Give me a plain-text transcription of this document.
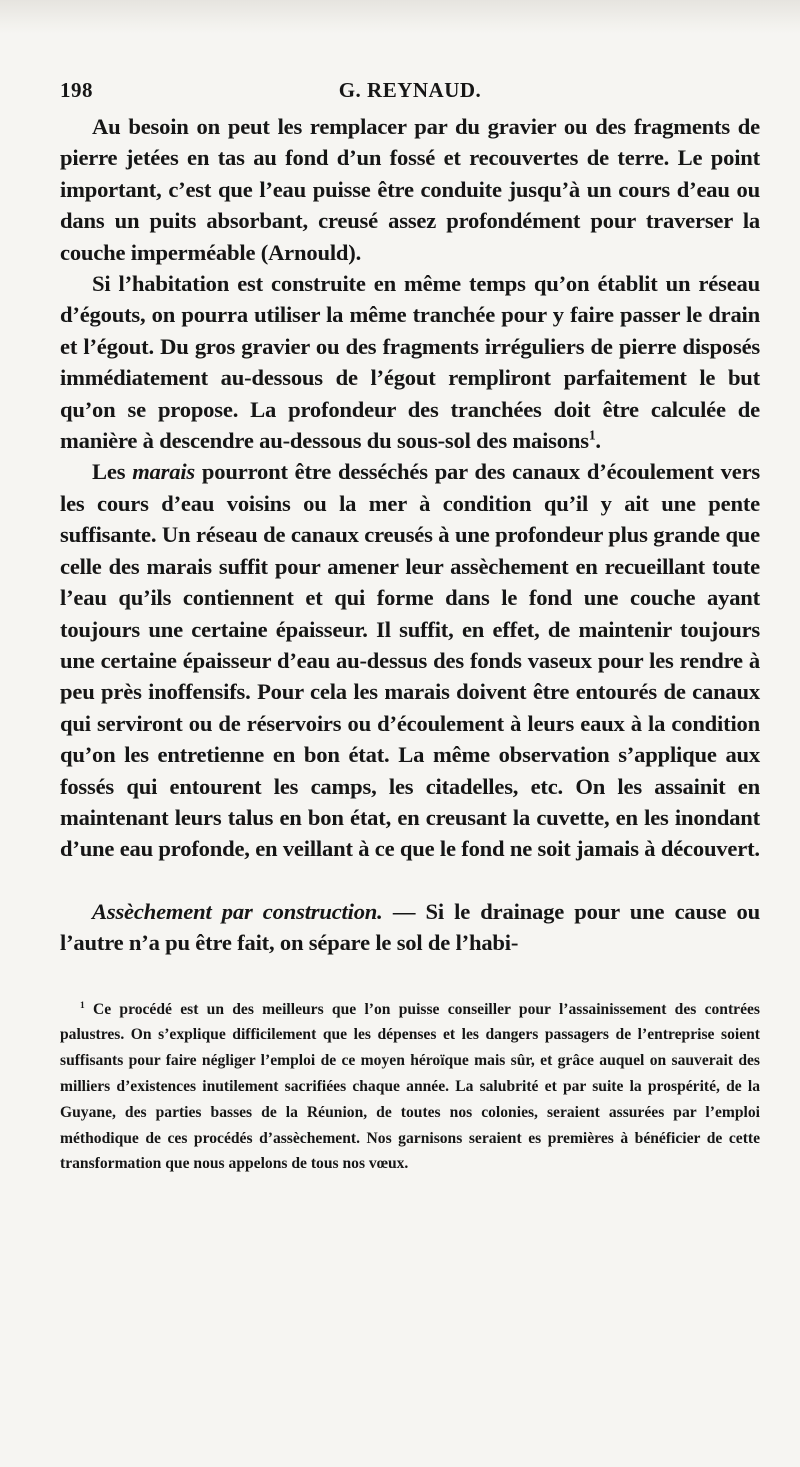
198	G. REYNAUD.

Au besoin on peut les remplacer par du gravier ou des fragments de pierre jetées en tas au fond d’un fossé et recouvertes de terre. Le point important, c’est que l’eau puisse être conduite jusqu’à un cours d’eau ou dans un puits absorbant, creusé assez profondément pour traverser la couche imperméable (Arnould).

Si l’habitation est construite en même temps qu’on établit un réseau d’égouts, on pourra utiliser la même tranchée pour y faire passer le drain et l’égout. Du gros gravier ou des fragments irréguliers de pierre disposés immédiatement au-dessous de l’égout rempliront parfaitement le but qu’on se propose. La profondeur des tranchées doit être calculée de manière à descendre au-dessous du sous-sol des maisons$^1$.

Les marais pourront être desséchés par des canaux d’écoulement vers les cours d’eau voisins ou la mer à condition qu’il y ait une pente suffisante. Un réseau de canaux creusés à une profondeur plus grande que celle des marais suffit pour amener leur assèchement en recueillant toute l’eau qu’ils contiennent et qui forme dans le fond une couche ayant toujours une certaine épaisseur. Il suffit, en effet, de maintenir toujours une certaine épaisseur d’eau au-dessus des fonds vaseux pour les rendre à peu près inoffensifs. Pour cela les marais doivent être entourés de canaux qui serviront ou de réservoirs ou d’écoulement à leurs eaux à la condition qu’on les entretienne en bon état. La même observation s’applique aux fossés qui entourent les camps, les citadelles, etc. On les assainit en maintenant leurs talus en bon état, en creusant la cuvette, en les inondant d’une eau profonde, en veillant à ce que le fond ne soit jamais à découvert.

Assèchement par construction. — Si le drainage pour une cause ou l’autre n’a pu être fait, on sépare le sol de l’habi-

$^1$ Ce procédé est un des meilleurs que l’on puisse conseiller pour l’assainissement des contrées palustres. On s’explique difficilement que les dépenses et les dangers passagers de l’entreprise soient suffisants pour faire négliger l’emploi de ce moyen héroïque mais sûr, et grâce auquel on sauverait des milliers d’existences inutilement sacrifiées chaque année. La salubrité et par suite la prospérité, de la Guyane, des parties basses de la Réunion, de toutes nos colonies, seraient assurées par l’emploi méthodique de ces procédés d’assèchement. Nos garnisons seraient es premières à bénéficier de cette transformation que nous appelons de tous nos vœux.
